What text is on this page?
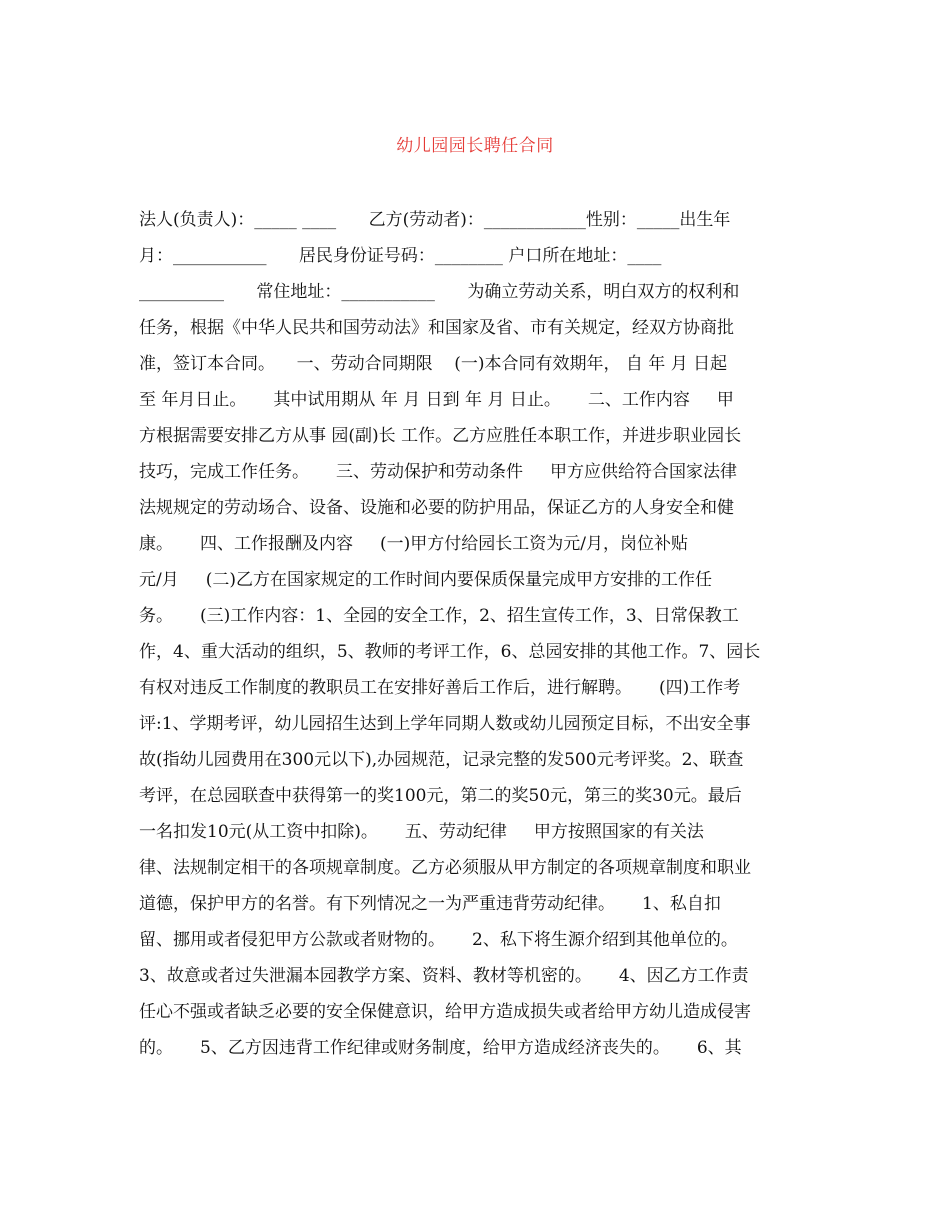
幼儿园园长聘任合同
法人(负责人)：_____ ____      乙方(劳动者)：____________性别：_____出生年
月：___________      居民身份证号码：________ 户口所在地址：____
__________      常住地址：___________      为确立劳动关系，明白双方的权利和
任务，根据《中华人民共和国劳动法》和国家及省、市有关规定，经双方协商批
准，签订本合同。    一、劳动合同期限    (一)本合同有效期年， 自 年 月 日起
至 年月日止。     其中试用期从 年 月 日到 年 月 日止。     二、工作内容     甲
方根据需要安排乙方从事 园(副)长 工作。乙方应胜任本职工作，并进步职业园长
技巧，完成工作任务。     三、劳动保护和劳动条件     甲方应供给符合国家法律
法规规定的劳动场合、设备、设施和必要的防护用品，保证乙方的人身安全和健
康。     四、工作报酬及内容     (一)甲方付给园长工资为元/月，岗位补贴
元/月     (二)乙方在国家规定的工作时间内要保质保量完成甲方安排的工作任
务。     (三)工作内容：1、全园的安全工作，2、招生宣传工作，3、日常保教工
作，4、重大活动的组织，5、教师的考评工作，6、总园安排的其他工作。7、园长
有权对违反工作制度的教职员工在安排好善后工作后，进行解聘。     (四)工作考
评:1、学期考评，幼儿园招生达到上学年同期人数或幼儿园预定目标，不出安全事
故(指幼儿园费用在300元以下),办园规范，记录完整的发500元考评奖。2、联查
考评，在总园联查中获得第一的奖100元，第二的奖50元，第三的奖30元。最后
一名扣发10元(从工资中扣除)。     五、劳动纪律     甲方按照国家的有关法
律、法规制定相干的各项规章制度。乙方必须服从甲方制定的各项规章制度和职业
道德，保护甲方的名誉。有下列情况之一为严重违背劳动纪律。     1、私自扣
留、挪用或者侵犯甲方公款或者财物的。     2、私下将生源介绍到其他单位的。
3、故意或者过失泄漏本园教学方案、资料、教材等机密的。     4、因乙方工作责
任心不强或者缺乏必要的安全保健意识，给甲方造成损失或者给甲方幼儿造成侵害
的。     5、乙方因违背工作纪律或财务制度，给甲方造成经济丧失的。     6、其
